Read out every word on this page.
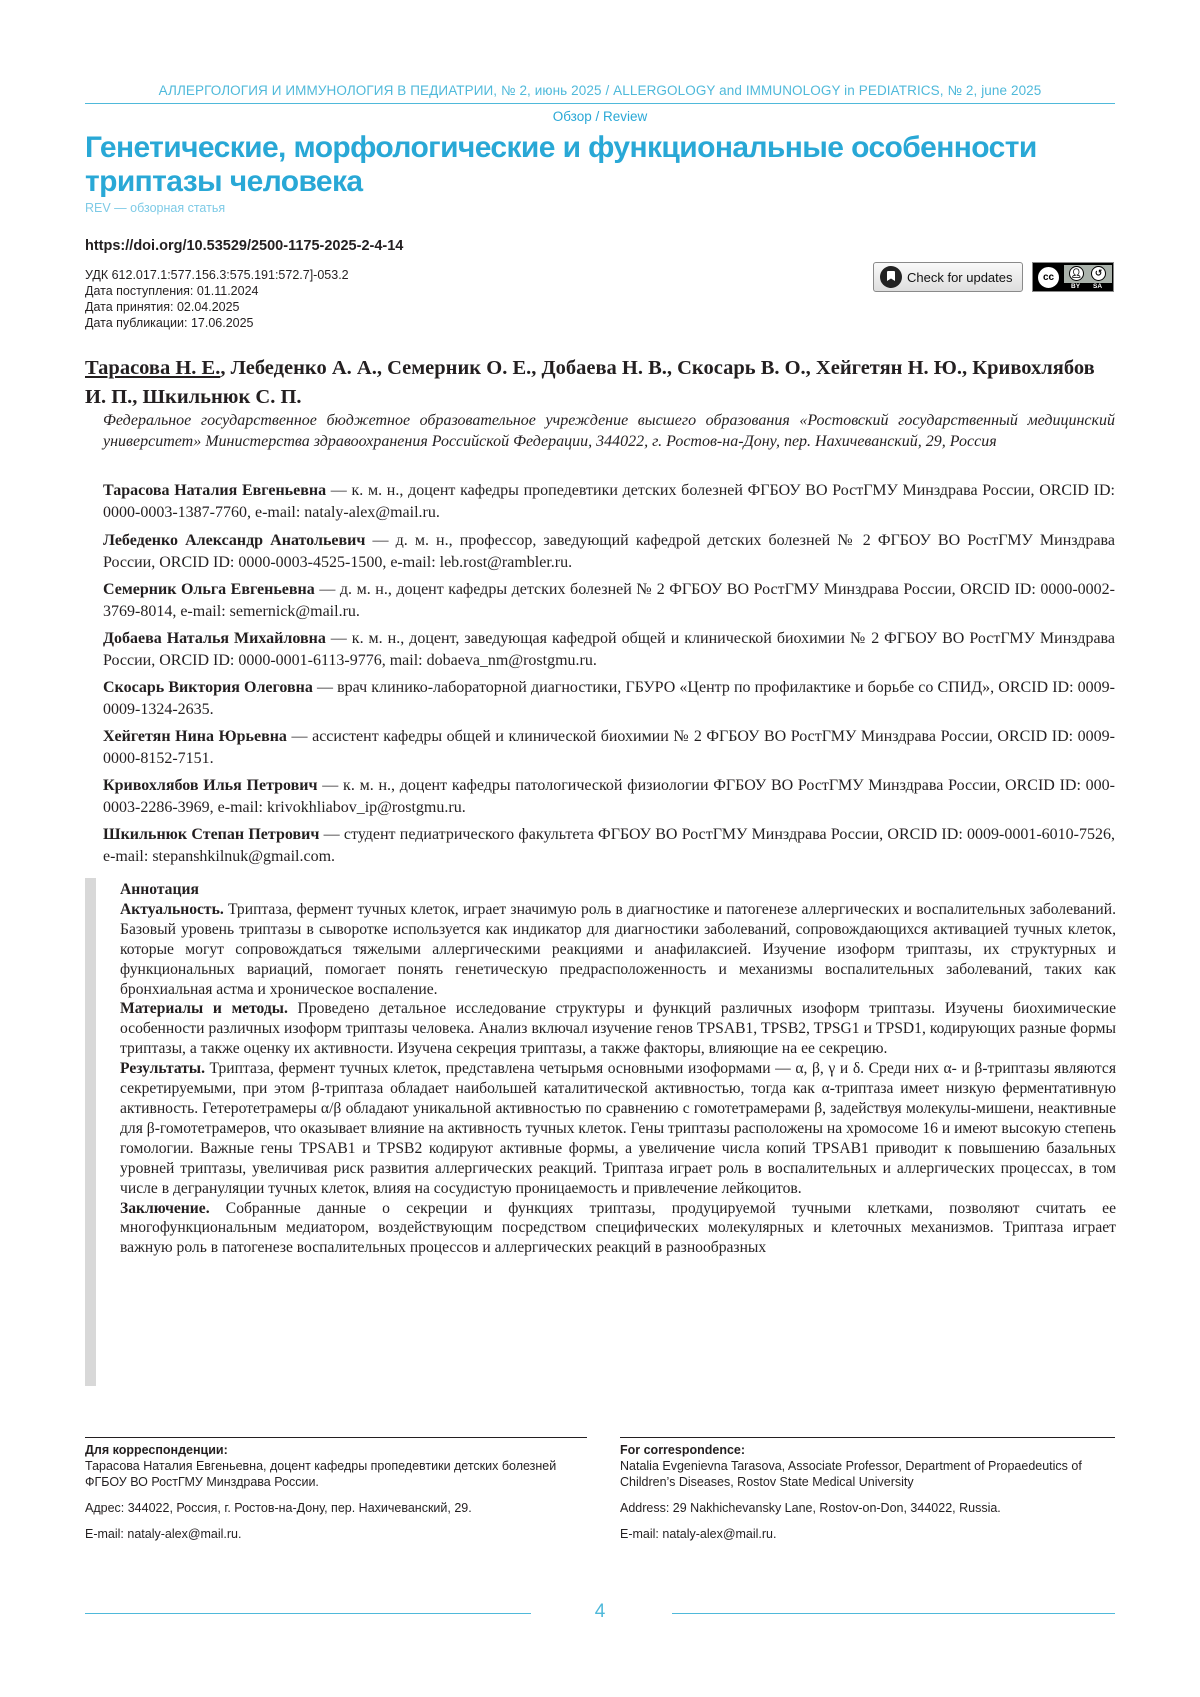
АЛЛЕРГОЛОГИЯ И ИММУНОЛОГИЯ В ПЕДИАТРИИ, № 2, июнь 2025 / ALLERGOLOGY and IMMUNOLOGY in PEDIATRICS, № 2, june 2025
Обзор / Review
Генетические, морфологические и функциональные особенности триптазы человека
REV — обзорная статья
https://doi.org/10.53529/2500-1175-2025-2-4-14
УДК 612.017.1:577.156.3:575.191:572.7]-053.2
Дата поступления: 01.11.2024
Дата принятия: 02.04.2025
Дата публикации: 17.06.2025
Check for updates	cc	👤︎	↺
BY SA
Тарасова Н. Е., Лебеденко А. А., Семерник О. Е., Добаева Н. В., Скосарь В. О., Хейгетян Н. Ю., Кривохлябов И. П., Шкильнюк С. П.
Федеральное государственное бюджетное образовательное учреждение высшего образования «Ростовский государственный медицинский университет» Министерства здравоохранения Российской Федерации, 344022, г. Ростов-на-Дону, пер. Нахичеванский, 29, Россия
Тарасова Наталия Евгеньевна — к. м. н., доцент кафедры пропедевтики детских болезней ФГБОУ ВО РостГМУ Минздрава России, ORCID ID: 0000-0003-1387-7760, e-mail: nataly-alex@mail.ru.
Лебеденко Александр Анатольевич — д. м. н., профессор, заведующий кафедрой детских болезней № 2 ФГБОУ ВО РостГМУ Минздрава России, ORCID ID: 0000-0003-4525-1500, e-mail: leb.rost@rambler.ru.
Семерник Ольга Евгеньевна — д. м. н., доцент кафедры детских болезней № 2 ФГБОУ ВО РостГМУ Минздрава России, ORCID ID: 0000-0002-3769-8014, e-mail: semernick@mail.ru.
Добаева Наталья Михайловна — к. м. н., доцент, заведующая кафедрой общей и клинической биохимии № 2 ФГБОУ ВО РостГМУ Минздрава России, ORCID ID: 0000-0001-6113-9776, mail: dobaeva_nm@rostgmu.ru.
Скосарь Виктория Олеговна — врач клинико-лабораторной диагностики, ГБУРО «Центр по профилактике и борьбе со СПИД», ORCID ID: 0009-0009-1324-2635.
Хейгетян Нина Юрьевна — ассистент кафедры общей и клинической биохимии № 2 ФГБОУ ВО РостГМУ Минздрава России, ORCID ID: 0009-0000-8152-7151.
Кривохлябов Илья Петрович — к. м. н., доцент кафедры патологической физиологии ФГБОУ ВО РостГМУ Минздрава России, ORCID ID: 000-0003-2286-3969, e-mail: krivokhliabov_ip@rostgmu.ru.
Шкильнюк Степан Петрович — студент педиатрического факультета ФГБОУ ВО РостГМУ Минздрава России, ORCID ID: 0009-0001-6010-7526, e-mail: stepanshkilnuk@gmail.com.

Аннотация

Актуальность. Триптаза, фермент тучных клеток, играет значимую роль в диагностике и патогенезе аллергических и воспалительных заболеваний. Базовый уровень триптазы в сыворотке используется как индикатор для диагностики заболеваний, сопровождающихся активацией тучных клеток, которые могут сопровождаться тяжелыми аллергическими реакциями и анафилаксией. Изучение изоформ триптазы, их структурных и функциональных вариаций, помогает понять генетическую предрасположенность и механизмы воспалительных заболеваний, таких как бронхиальная астма и хроническое воспаление.

Материалы и методы. Проведено детальное исследование структуры и функций различных изоформ триптазы. Изучены биохимические особенности различных изоформ триптазы человека. Анализ включал изучение генов TPSAB1, TPSB2, TPSG1 и TPSD1, кодирующих разные формы триптазы, а также оценку их активности. Изучена секреция триптазы, а также факторы, влияющие на ее секрецию.

Результаты. Триптаза, фермент тучных клеток, представлена четырьмя основными изоформами — α, β, γ и δ. Среди них α- и β-триптазы являются секретируемыми, при этом β-триптаза обладает наибольшей каталитической активностью, тогда как α-триптаза имеет низкую ферментативную активность. Гетеротетрамеры α/β обладают уникальной активностью по сравнению с гомотетрамерами β, задействуя молекулы-мишени, неактивные для β-гомотетрамеров, что оказывает влияние на активность тучных клеток. Гены триптазы расположены на хромосоме 16 и имеют высокую степень гомологии. Важные гены TPSAB1 и TPSB2 кодируют активные формы, а увеличение числа копий TPSAB1 приводит к повышению базальных уровней триптазы, увеличивая риск развития аллергических реакций. Триптаза играет роль в воспалительных и аллергических процессах, в том числе в дегрануляции тучных клеток, влияя на сосудистую проницаемость и привлечение лейкоцитов.

Заключение. Собранные данные о секреции и функциях триптазы, продуцируемой тучными клетками, позволяют считать ее многофункциональным медиатором, воздействующим посредством специфических молекулярных и клеточных механизмов. Триптаза играет важную роль в патогенезе воспалительных процессов и аллергических реакций в разнообразных

Для корреспонденции:
Тарасова Наталия Евгеньевна, доцент кафедры пропедевтики детских болезней ФГБОУ ВО РостГМУ Минздрава России.
Адрес: 344022, Россия, г. Ростов-на-Дону, пер. Нахичеванский, 29.
E-mail: nataly-alex@mail.ru.
For correspondence:
Natalia Evgenievna Tarasova, Associate Professor, Department of Propaedeutics of Children’s Diseases, Rostov State Medical University
Address: 29 Nakhichevansky Lane, Rostov-on-Don, 344022, Russia.
E-mail: nataly-alex@mail.ru.
4
